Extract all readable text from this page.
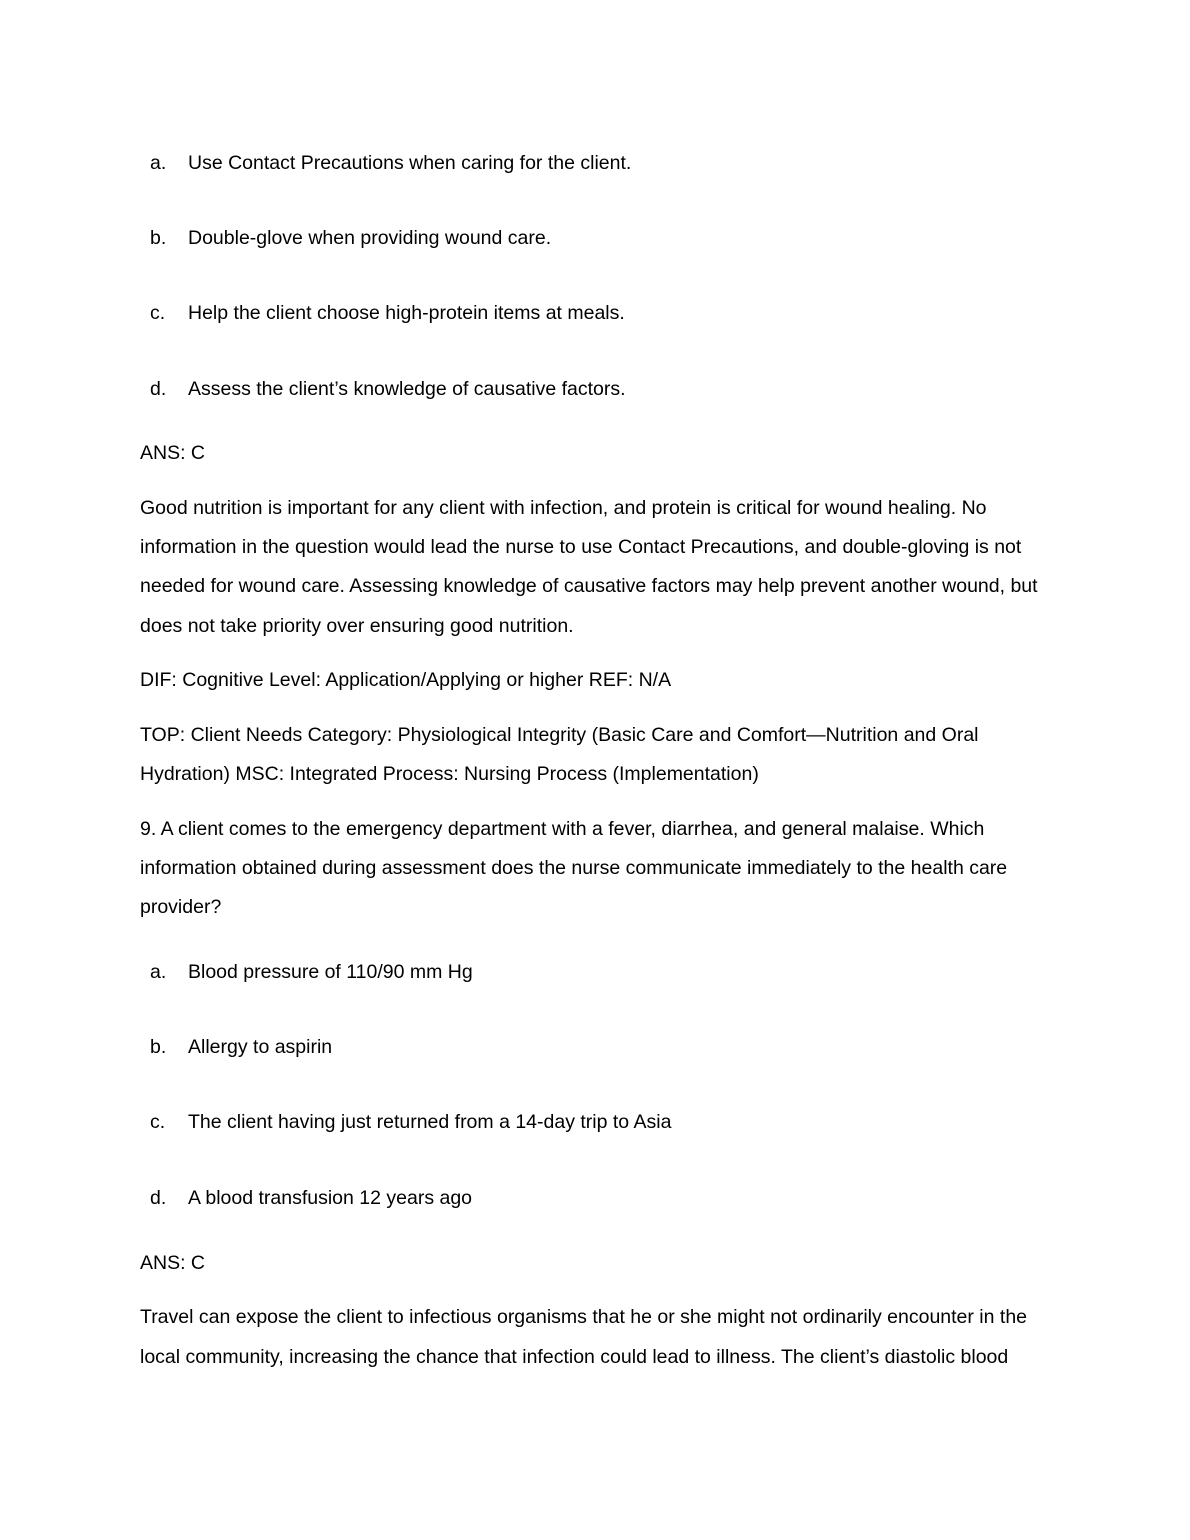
a. Use Contact Precautions when caring for the client.
b. Double-glove when providing wound care.
c. Help the client choose high-protein items at meals.
d. Assess the client’s knowledge of causative factors.
ANS: C
Good nutrition is important for any client with infection, and protein is critical for wound healing. No
information in the question would lead the nurse to use Contact Precautions, and double-gloving is not
needed for wound care. Assessing knowledge of causative factors may help prevent another wound, but
does not take priority over ensuring good nutrition.
DIF: Cognitive Level: Application/Applying or higher REF: N/A
TOP: Client Needs Category: Physiological Integrity (Basic Care and Comfort—Nutrition and Oral
Hydration) MSC: Integrated Process: Nursing Process (Implementation)
9. A client comes to the emergency department with a fever, diarrhea, and general malaise. Which
information obtained during assessment does the nurse communicate immediately to the health care
provider?
a. Blood pressure of 110/90 mm Hg
b. Allergy to aspirin
c. The client having just returned from a 14-day trip to Asia
d. A blood transfusion 12 years ago
ANS: C
Travel can expose the client to infectious organisms that he or she might not ordinarily encounter in the
local community, increasing the chance that infection could lead to illness. The client’s diastolic blood
